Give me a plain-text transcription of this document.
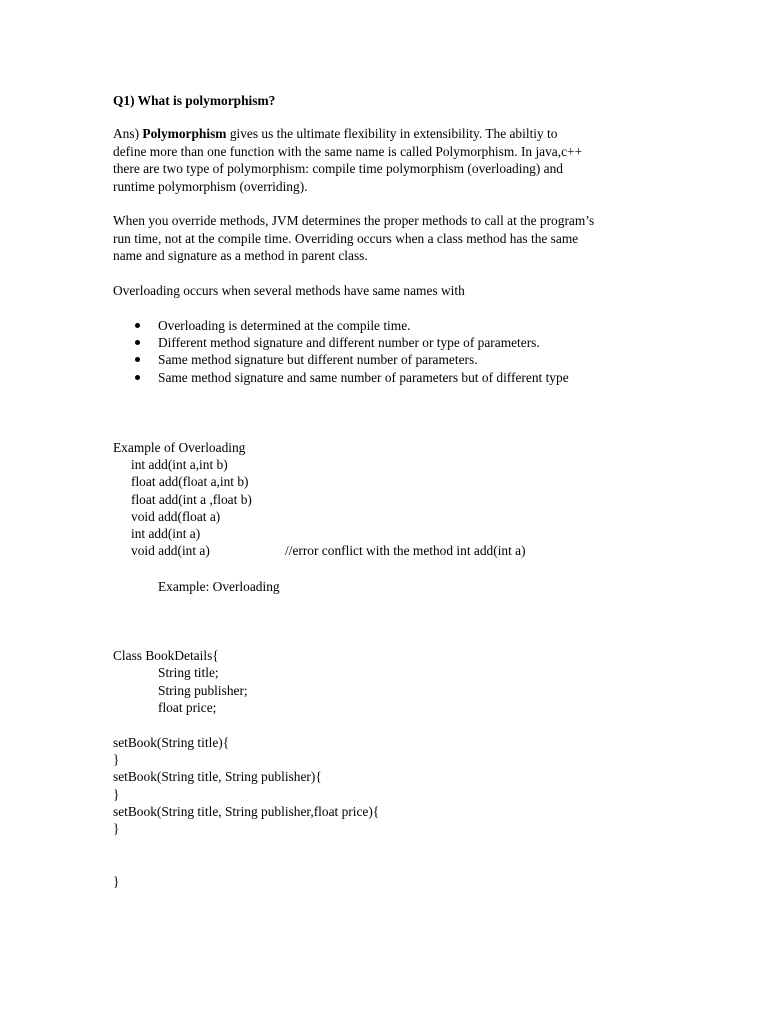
Q1) What is polymorphism?
Ans) Polymorphism gives us the ultimate flexibility in extensibility. The abiltiy to
define more than one function with the same name is called Polymorphism. In java,c++
there are two type of polymorphism: compile time polymorphism (overloading) and
runtime polymorphism (overriding).
When you override methods, JVM determines the proper methods to call at the program’s
run time, not at the compile time. Overriding occurs when a class method has the same
name and signature as a method in parent class.
Overloading occurs when several methods have same names with
Overloading is determined at the compile time.
Different method signature and different number or type of parameters.
Same method signature but different number of parameters.
Same method signature and same number of parameters but of different type
Example of Overloading
int add(int a,int b)
float add(float a,int b)
float add(int a ,float b)
void add(float a)
int add(int a)
void add(int a)	//error conflict with the method int add(int a)
Example: Overloading
Class BookDetails{
String title;
String publisher;
float price;
setBook(String title){
}
setBook(String title, String publisher){
}
setBook(String title, String publisher,float price){
}
}
